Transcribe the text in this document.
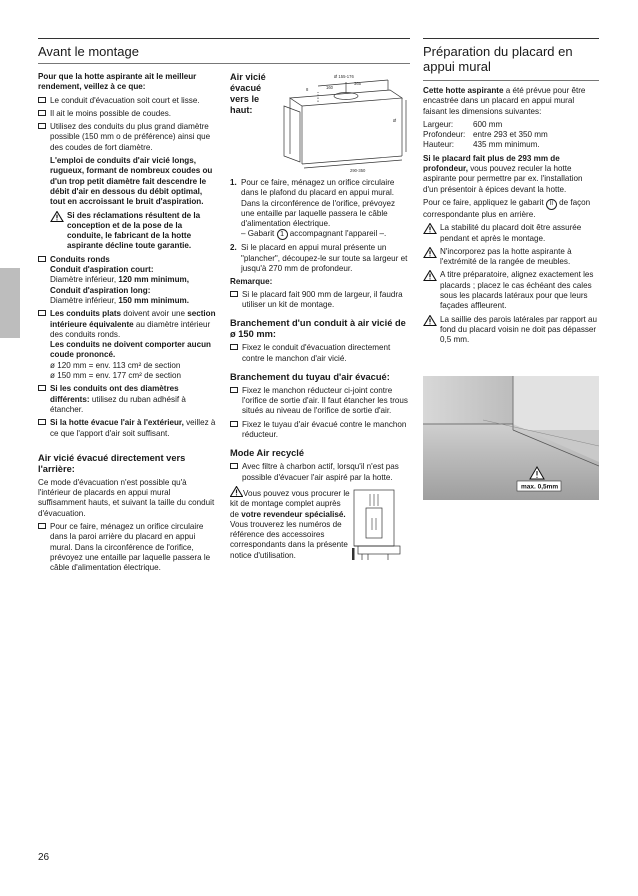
Avant le montage	Préparation du placard en appui mural

Pour que la hotte aspirante ait le meilleur rendement, veillez à ce que:

Le conduit d'évacuation soit court et lisse.
Il ait le moins possible de coudes.
Utilisez des conduits du plus grand diamètre possible (150 mm o de préférence) ainsi que des coudes de fort diamètre.

L'emploi de conduits d'air vicié longs, rugueux, formant de nombreux coudes ou d'un trop petit diamètre fait descendre le débit d'air en dessous du débit optimal, tout en accroissant le bruit d'aspiration.

Si des réclamations résultent de la conception et de la pose de la conduite, le fabricant de la hotte aspirante décline toute garantie.
Conduits ronds
Conduit d'aspiration court:
Diamètre inférieur, 120 mm minimum,
Conduit d'aspiration long:
Diamètre inférieur, 150 mm minimum.
Les conduits plats doivent avoir une section intérieure équivalente au diamètre intérieur des conduits ronds.
Les conduits ne doivent comporter aucun coude prononcé.
ø 120 mm = env. 113 cm² de section
ø 150 mm = env. 177 cm² de section
Si les conduits ont des diamètres différents: utilisez du ruban adhésif à étancher.
Si la hotte évacue l'air à l'extérieur, veillez à ce que l'apport d'air soit suffisant.
Air vicié évacué directement vers l'arrière:

Ce mode d'évacuation n'est possible qu'à l'intérieur de placards en appui mural suffisamment hauts, et suivant la taille du conduit d'évacuation.

Pour ce faire, ménagez un orifice circulaire dans la paroi arrière du placard en appui mural. Dans la circonférence de l'orifice, prévoyez une entaille par laquelle passera le câble d'alimentation électrique.
Air vicié évacué vers le haut:
Ø 155-176
365
8	160
Ø
290-350
1. Pour ce faire, ménagez un orifice circulaire dans le plafond du placard en appui mural. Dans la circonférence de l'orifice, prévoyez une entaille par laquelle passera le câble d'alimentation électrique.
– Gabarit 1 accompagnant l'appareil –.
2. Si le placard en appui mural présente un "plancher", découpez-le sur toute sa largeur et jusqu'à 270 mm de profondeur.

Remarque:

Si le placard fait 900 mm de largeur, il faudra utiliser un kit de montage.
Branchement d'un conduit à air vicié de ø 150 mm:
Fixez le conduit d'évacuation directement contre le manchon d'air vicié.
Branchement du tuyau d'air évacué:
Fixez le manchon réducteur ci-joint contre l'orifice de sortie d'air. Il faut étancher les trous situés au niveau de l'orifice de sortie d'air.
Fixez le tuyau d'air évacué contre le manchon réducteur.
Mode Air recyclé
Avec filtre à charbon actif, lorsqu'il n'est pas possible d'évacuer l'air aspiré par la hotte.
Vous pouvez vous procurer le kit de montage complet auprès de votre revendeur spécialisé.
Vous trouverez les numéros de référence des accessoires correspondants dans la présente notice d'utilisation.

Cette hotte aspirante a été prévue pour être encastrée dans un placard en appui mural faisant les dimensions suivantes:

Largeur:	600 mm
Profondeur: entre 293 et 350 mm
Hauteur:	435 mm minimum.

Si le placard fait plus de 293 mm de profondeur, vous pouvez reculer la hotte aspirante pour permettre par ex. l'installation d'un présentoir à épices devant la hotte.

Pour ce faire, appliquez le gabarit II de façon correspondante plus en arrière.

La stabilité du placard doit être assurée pendant et après le montage.
N'incorporez pas la hotte aspirante à l'extrémité de la rangée de meubles.
A titre préparatoire, alignez exactement les placards ; placez le cas échéant des cales sous les placards latéraux pour que leurs façades affleurent.
La saillie des parois latérales par rapport au fond du placard voisin ne doit pas dépasser 0,5 mm.
max. 0,5mm
26
